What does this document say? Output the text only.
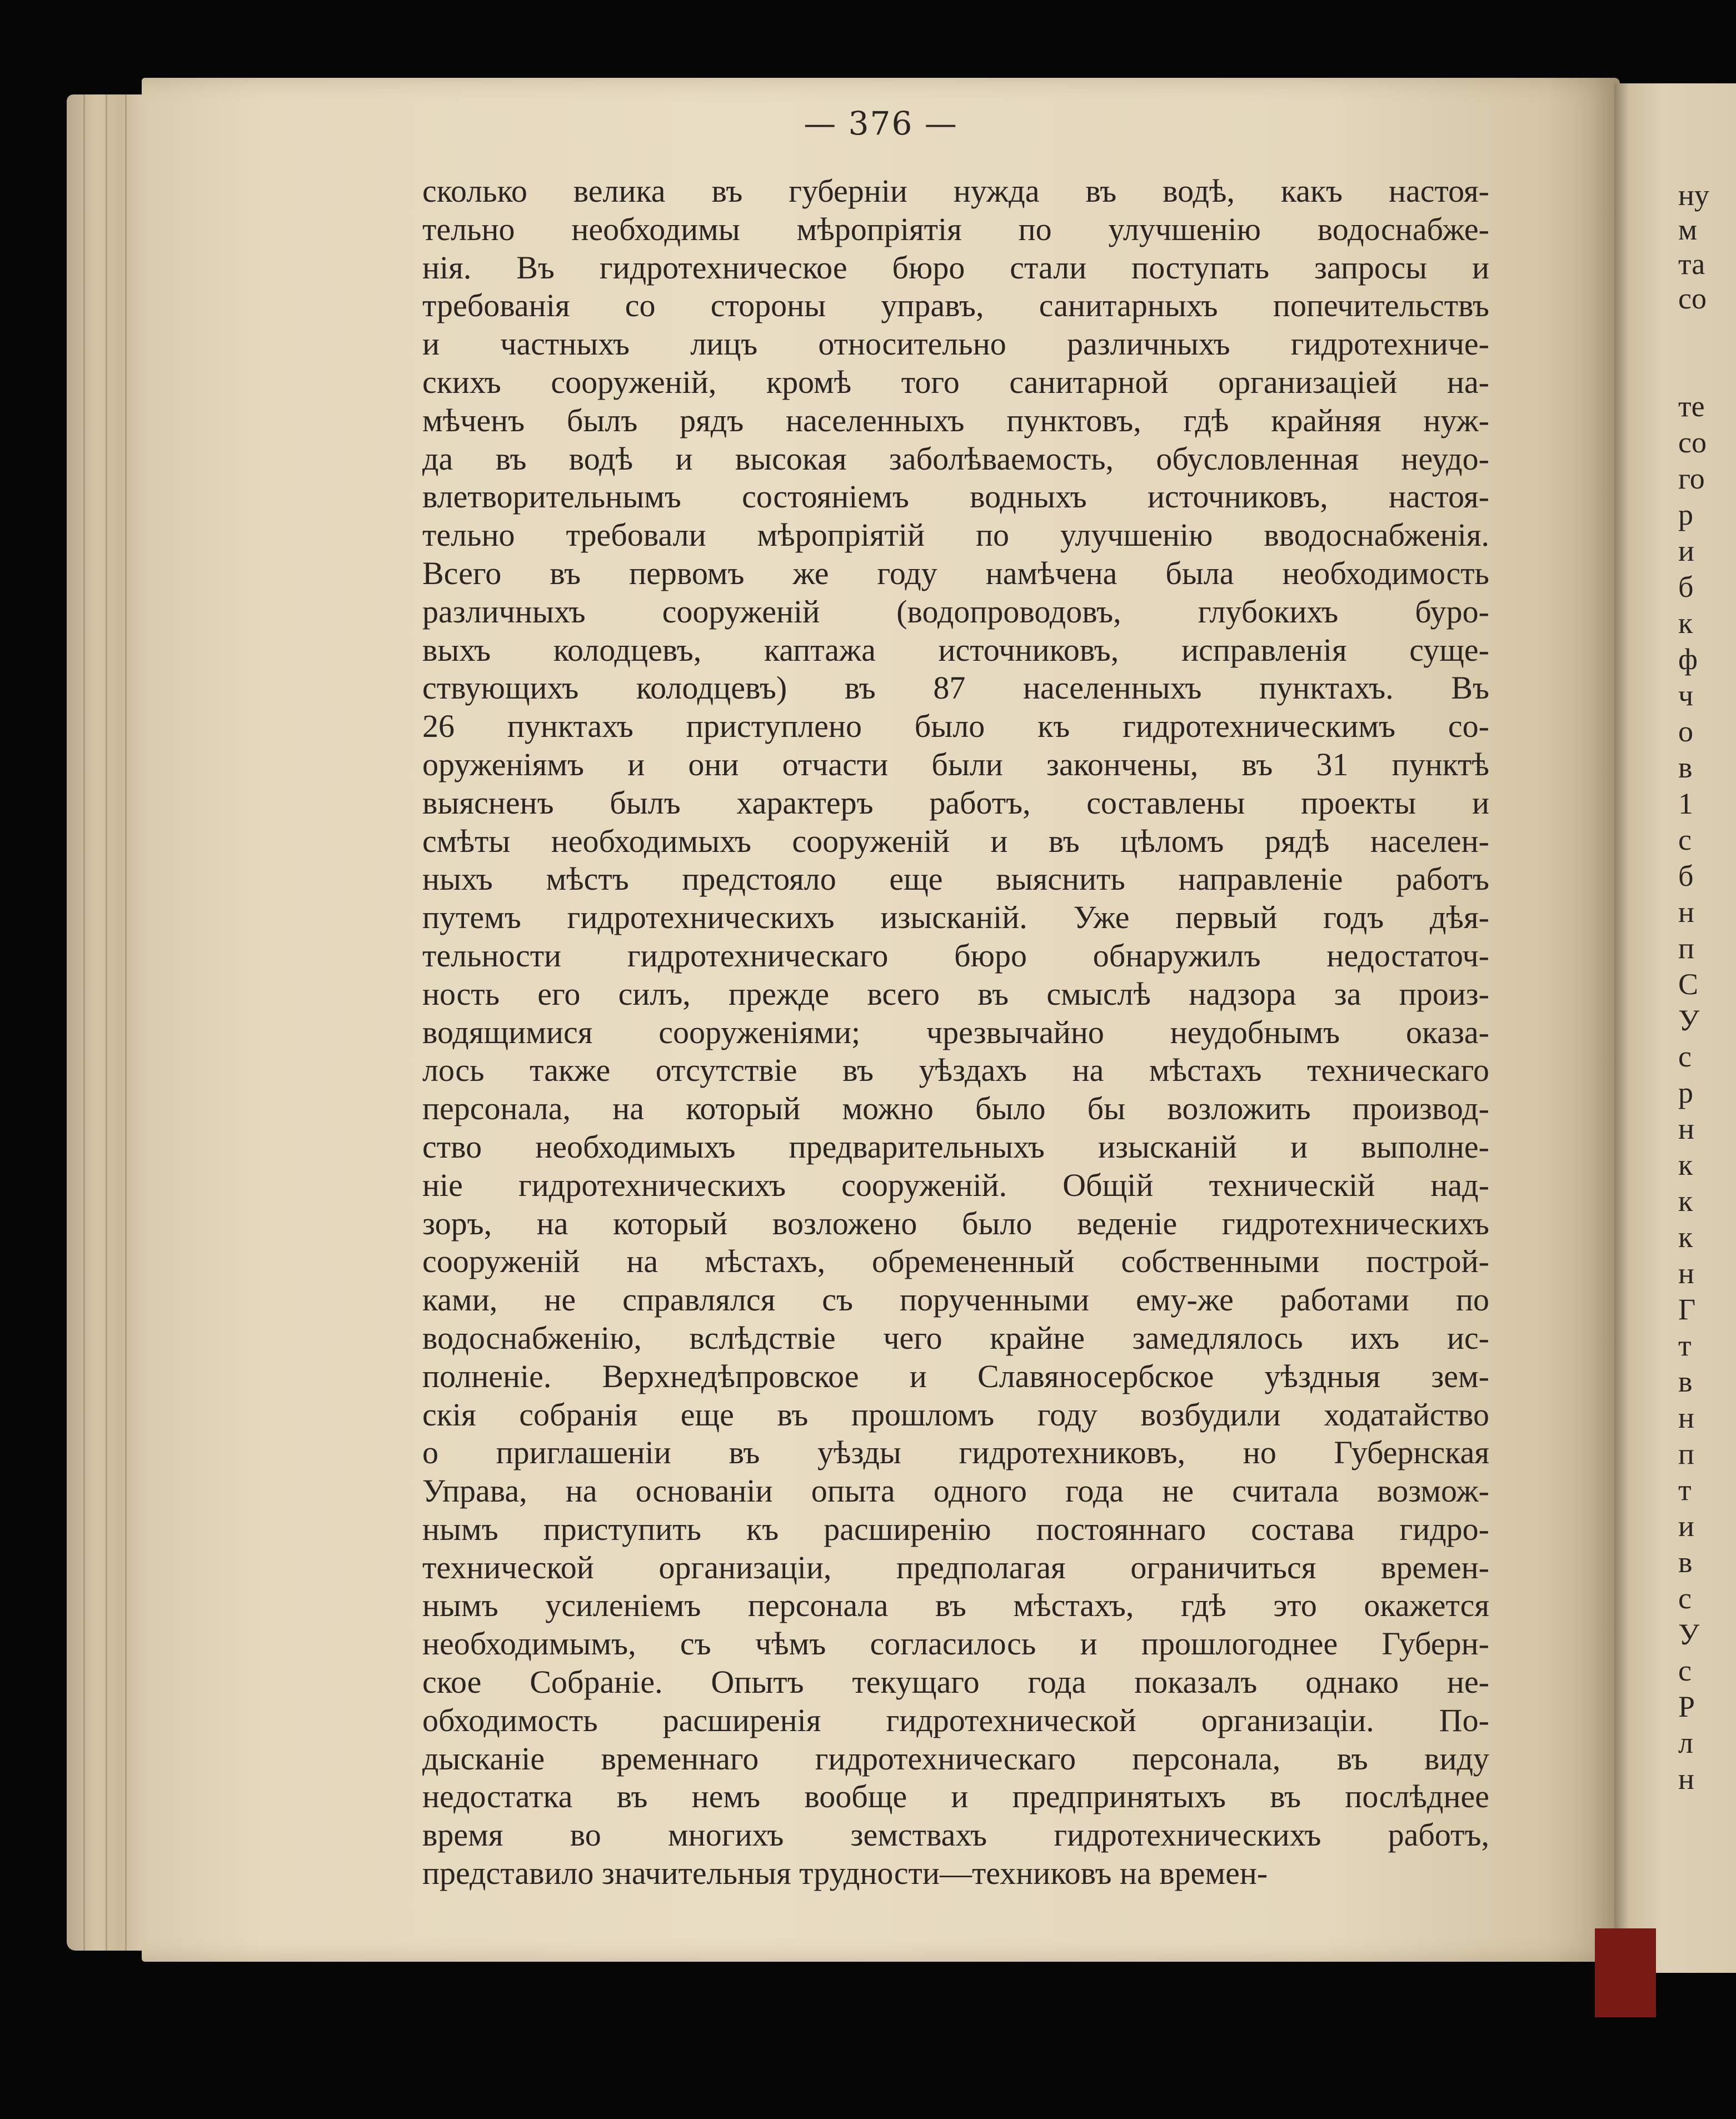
— 376 —
сколько велика въ губерніи нужда въ водѣ, какъ настоя-
тельно необходимы мѣропріятія по улучшенію водоснабже-
нія. Въ гидротехническое бюро стали поступать запросы и
требованія со стороны управъ, санитарныхъ попечительствъ
и частныхъ лицъ относительно различныхъ гидротехниче-
скихъ сооруженій, кромѣ того санитарной организаціей на-
мѣченъ былъ рядъ населенныхъ пунктовъ, гдѣ крайняя нуж-
да въ водѣ и высокая заболѣваемость, обусловленная неудо-
влетворительнымъ состояніемъ водныхъ источниковъ, настоя-
тельно требовали мѣропріятій по улучшенію вводоснабженія.
Всего въ первомъ же году намѣчена была необходимость
различныхъ сооруженій (водопроводовъ, глубокихъ буро-
выхъ колодцевъ, каптажа источниковъ, исправленія суще-
ствующихъ колодцевъ) въ 87 населенныхъ пунктахъ. Въ
26 пунктахъ приступлено было къ гидротехническимъ со-
оруженіямъ и они отчасти были закончены, въ 31 пунктѣ
выясненъ былъ характеръ работъ, составлены проекты и
смѣты необходимыхъ сооруженій и въ цѣломъ рядѣ населен-
ныхъ мѣстъ предстояло еще выяснить направленіе работъ
путемъ гидротехническихъ изысканій. Уже первый годъ дѣя-
тельности гидротехническаго бюро обнаружилъ недостаточ-
ность его силъ, прежде всего въ смыслѣ надзора за произ-
водящимися сооруженіями; чрезвычайно неудобнымъ оказа-
лось также отсутствіе въ уѣздахъ на мѣстахъ техническаго
персонала, на который можно было бы возложить производ-
ство необходимыхъ предварительныхъ изысканій и выполне-
ніе гидротехническихъ сооруженій. Общій техническій над-
зоръ, на который возложено было веденіе гидротехническихъ
сооруженій на мѣстахъ, обремененный собственными построй-
ками, не справлялся съ порученными ему-же работами по
водоснабженію, вслѣдствіе чего крайне замедлялось ихъ ис-
полненіе. Верхнедѣпровское и Славяносербское уѣздныя зем-
скія собранія еще въ прошломъ году возбудили ходатайство
о приглашеніи въ уѣзды гидротехниковъ, но Губернская
Управа, на основаніи опыта одного года не считала возмож-
нымъ приступить къ расширенію постояннаго состава гидро-
технической организаціи, предполагая ограничиться времен-
нымъ усиленіемъ персонала въ мѣстахъ, гдѣ это окажется
необходимымъ, съ чѣмъ согласилось и прошлогоднее Губерн-
ское Собраніе. Опытъ текущаго года показалъ однако не-
обходимость расширенія гидротехнической организаціи. По-
дысканіе временнаго гидротехническаго персонала, въ виду
недостатка въ немъ вообще и предпринятыхъ въ послѣднее
время во многихъ земствахъ гидротехническихъ работъ,
представило значительныя трудности—техниковъ на времен-
ну
м
та
со
те
со
го
р
и
б
к
ф
ч
о
в
1
с
б
н
п
С
У
с
р
н
к
к
к
н
Г
т
в
н
п
т
и
в
с
У
с
Р
л
н
